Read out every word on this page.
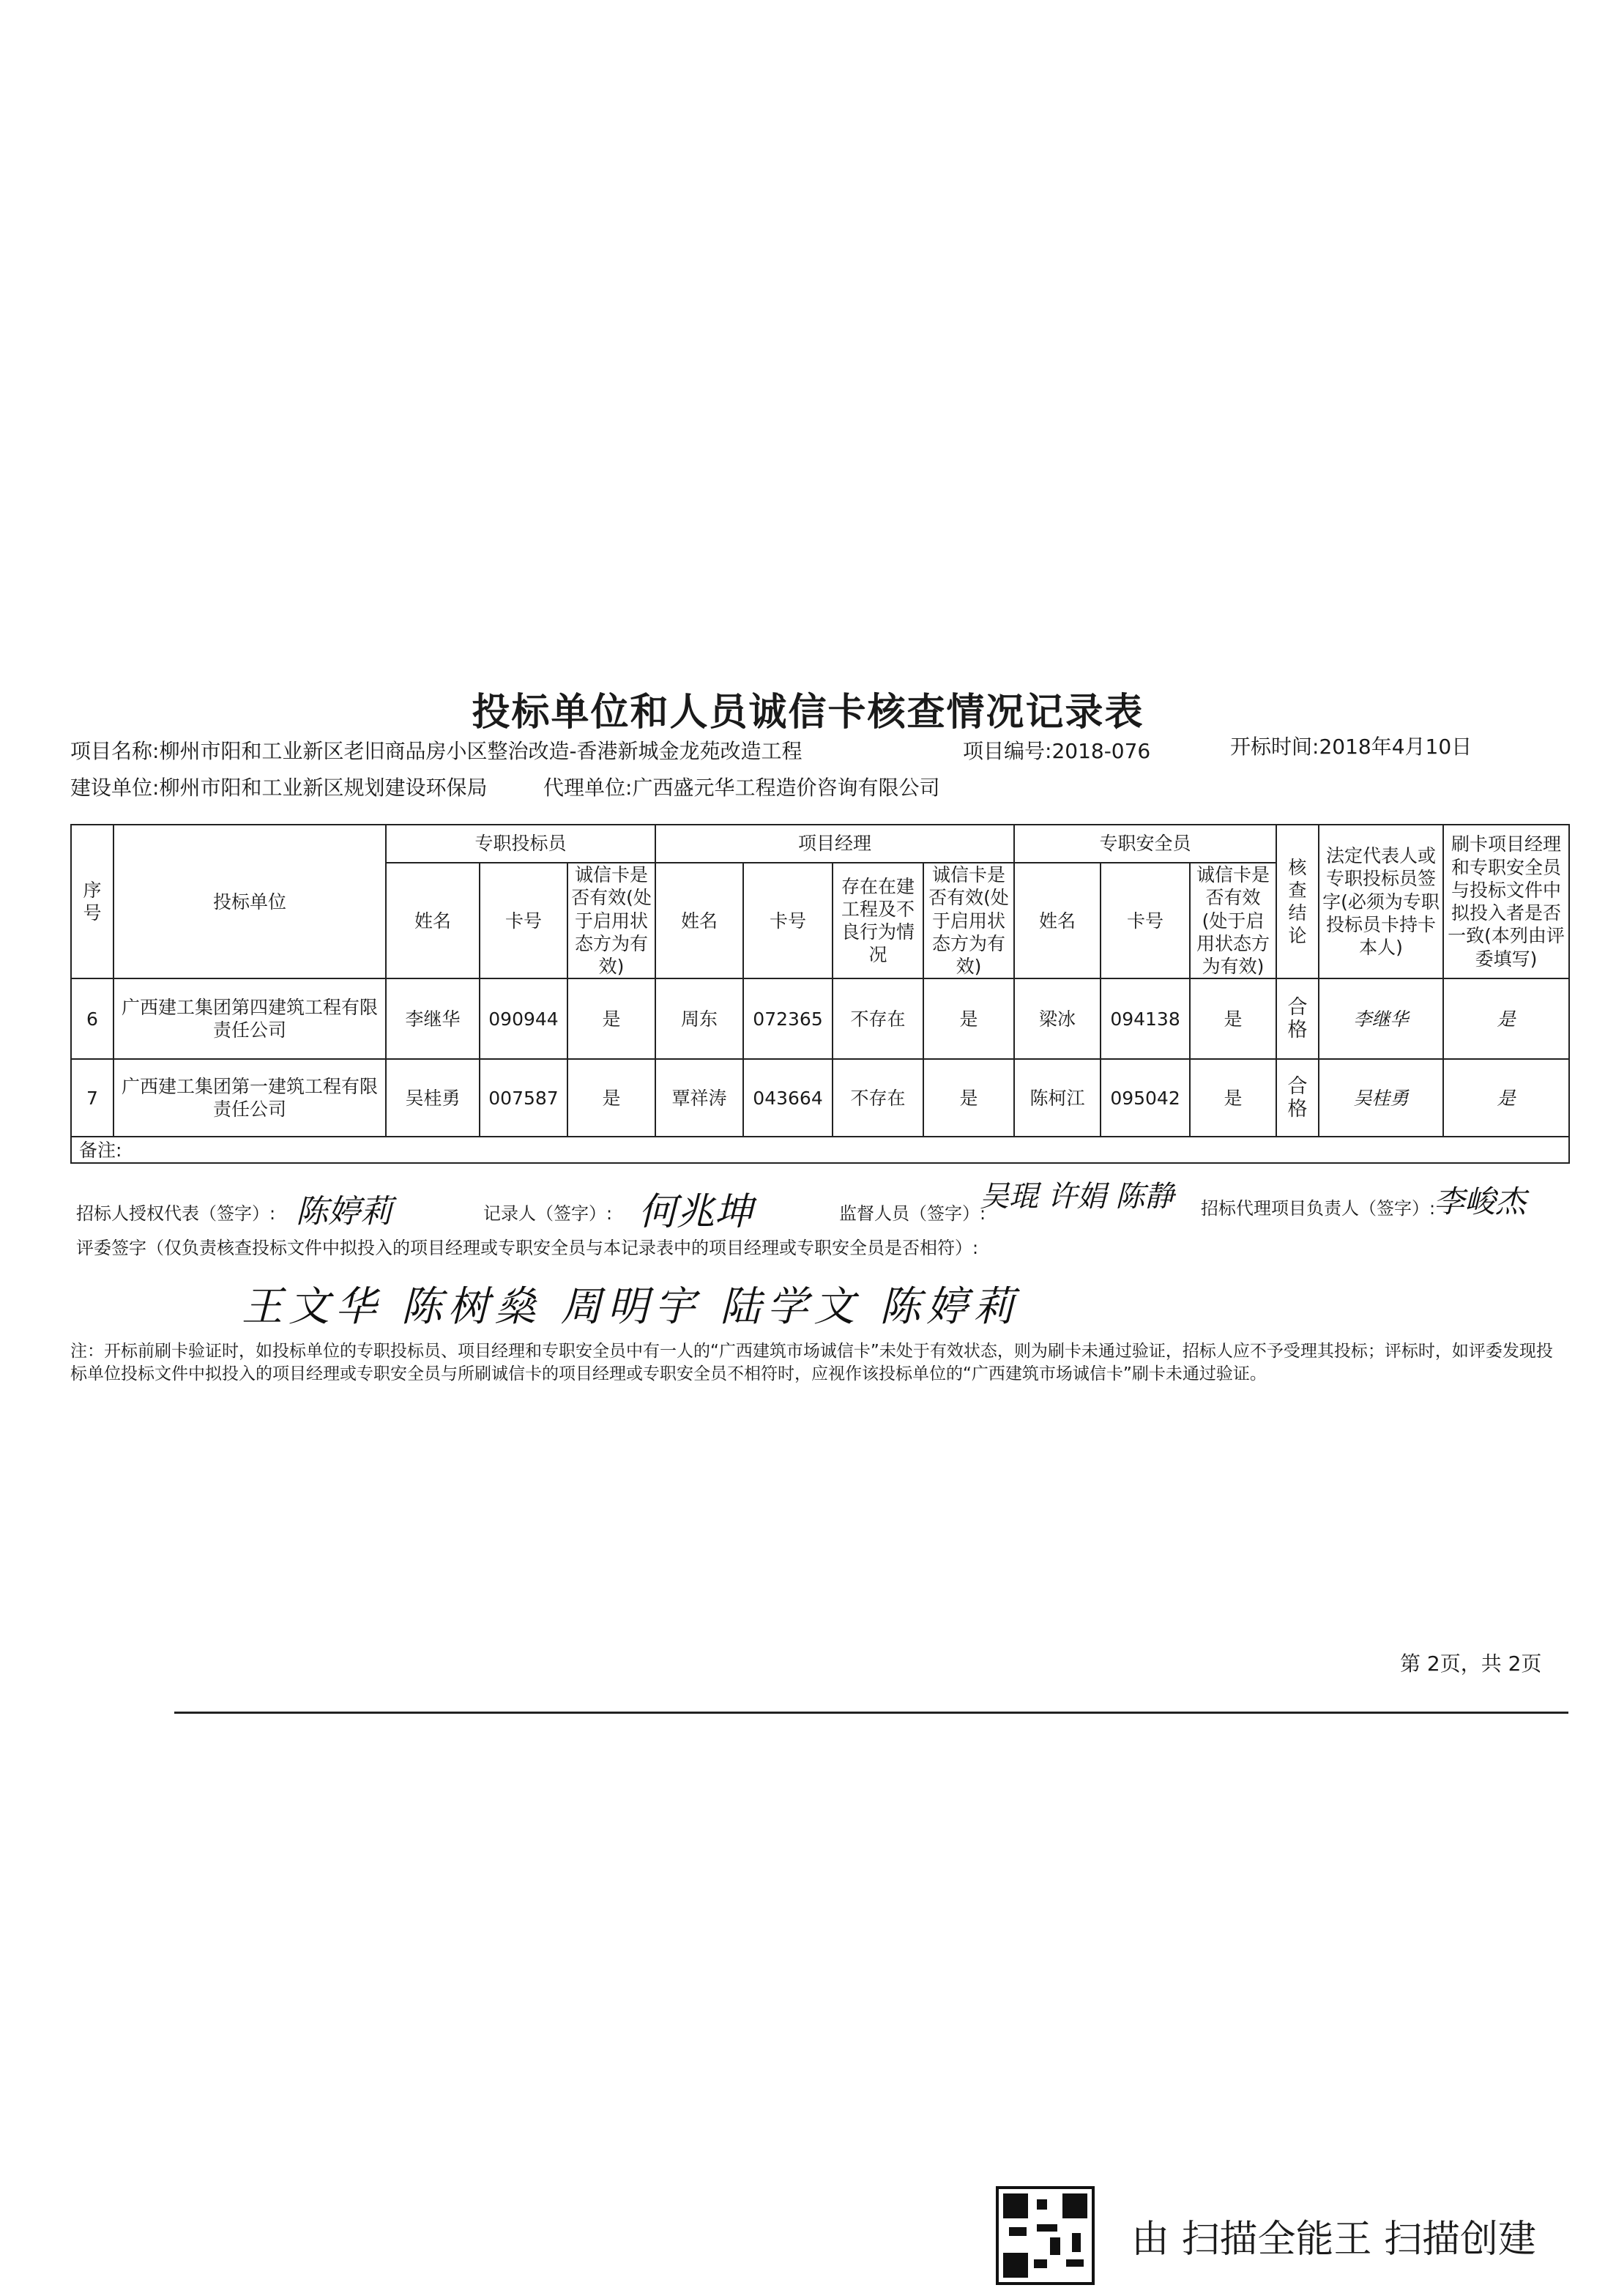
投标单位和人员诚信卡核查情况记录表
项目名称:柳州市阳和工业新区老旧商品房小区整治改造-香港新城金龙苑改造工程	项目编号:2018-076	开标时间:2018年4月10日
建设单位:柳州市阳和工业新区规划建设环保局	代理单位:广西盛元华工程造价咨询有限公司
序号	投标单位	专职投标员			项目经理				专职安全员			核查结论	法定代表人或专职投标员签字(必须为专职投标员卡持卡本人)	刷卡项目经理和专职安全员与投标文件中拟投入者是否一致(本列由评委填写)
		姓名	卡号	诚信卡是否有效(处于启用状态方为有效)	姓名	卡号	存在在建工程及不良行为情况	诚信卡是否有效(处于启用状态方为有效)	姓名	卡号	诚信卡是否有效(处于启用状态方为有效)			
6	广西建工集团第四建筑工程有限责任公司	李继华	090944	是	周东	072365	不存在	是	梁冰	094138	是	合格	李继华	是
7	广西建工集团第一建筑工程有限责任公司	吴桂勇	007587	是	覃祥涛	043664	不存在	是	陈柯江	095042	是	合格	吴桂勇	是
备注:														
招标人授权代表（签字）: 陈婷莉	记录人（签字）: 何兆坤	监督人员（签字）:
吴琨 许娟 陈静 招标代理项目负责人（签字）:
李峻杰
评委签字（仅负责核查投标文件中拟投入的项目经理或专职安全员与本记录表中的项目经理或专职安全员是否相符）:
王文华 陈树燊 周明宇 陆学文 陈婷莉
注：开标前刷卡验证时，如投标单位的专职投标员、项目经理和专职安全员中有一人的“广西建筑市场诚信卡”未处于有效状态，则为刷卡未通过验证，招标人应不予受理其投标；评标时，如评委发现投标单位投标文件中拟投入的项目经理或专职安全员与所刷诚信卡的项目经理或专职安全员不相符时，应视作该投标单位的“广西建筑市场诚信卡”刷卡未通过验证。
第 2页，共 2页
由 扫描全能王 扫描创建
